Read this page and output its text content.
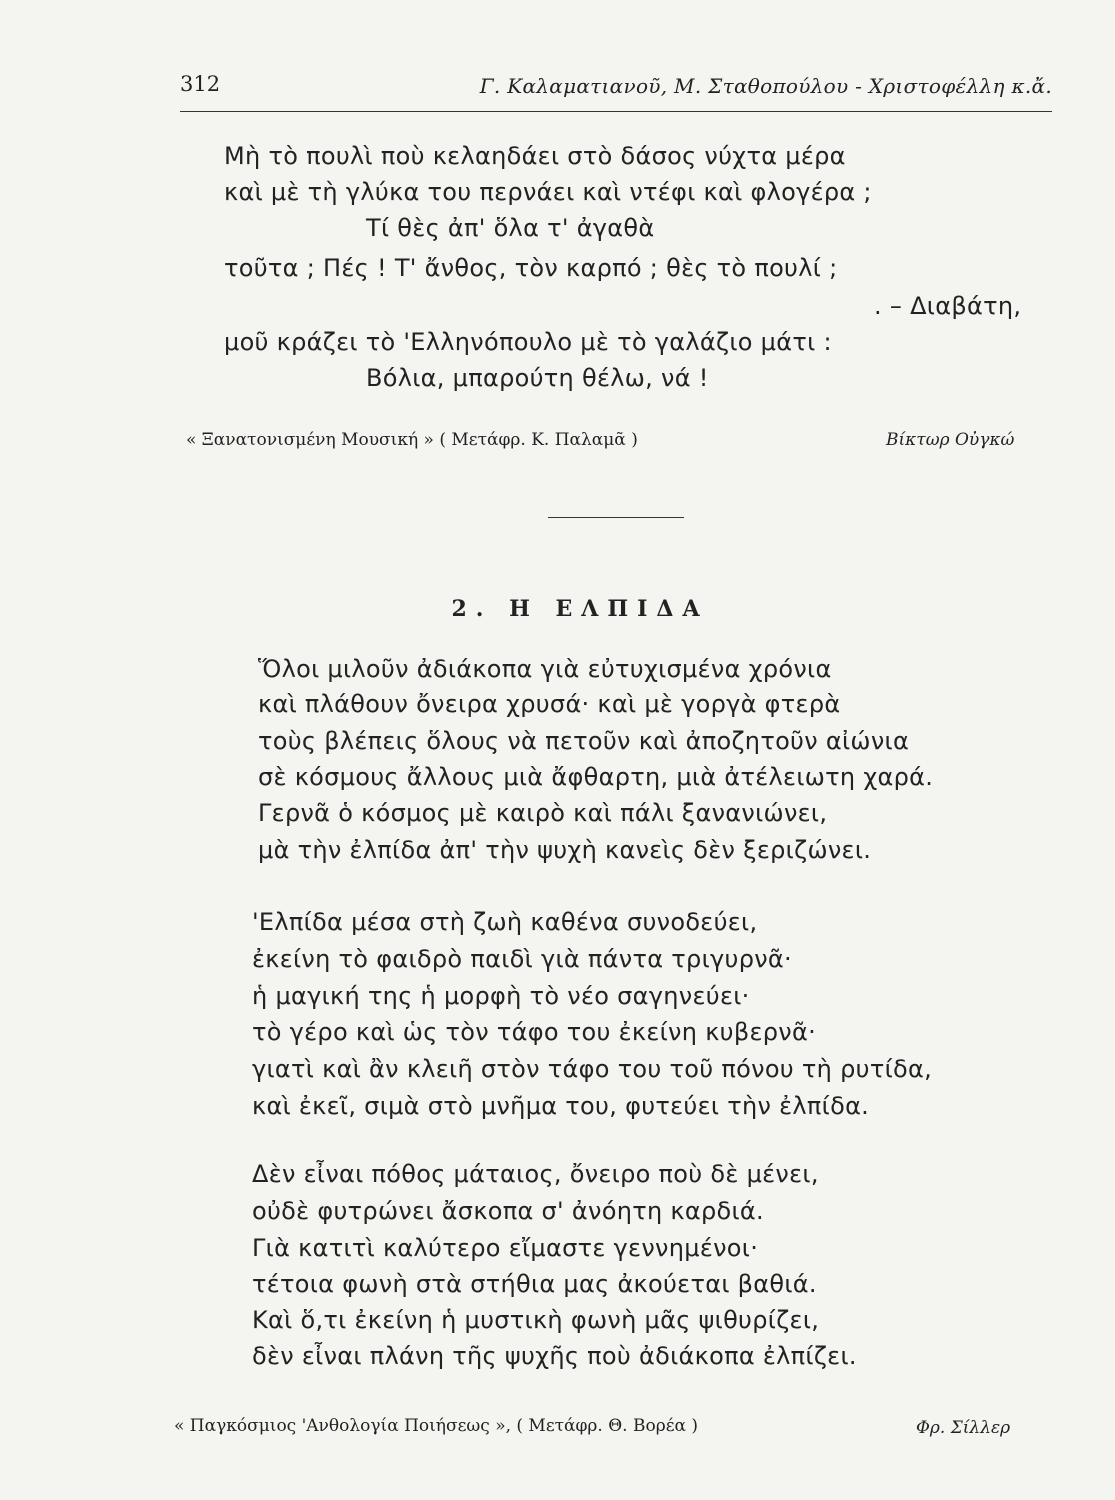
312	Γ. Καλαματιανοῦ, Μ. Σταθοπούλου - Χριστοφέλλη κ.ἄ.
Μὴ τὸ πουλὶ ποὺ κελαηδάει στὸ δάσος νύχτα μέρα
καὶ μὲ τὴ γλύκα του περνάει καὶ ντέφι καὶ φλογέρα ;
Τί θὲς ἀπ' ὅλα τ' ἀγαθὰ
τοῦτα ; Πές ! Τ' ἄνθος, τὸν καρπό ; θὲς τὸ πουλί ;
. – Διαβάτη,
μοῦ κράζει τὸ 'Ελληνόπουλο μὲ τὸ γαλάζιο μάτι :
Βόλια, μπαρούτη θέλω, νά !
« Ξανατονισμένη Μουσική » ( Μετάφρ. Κ. Παλαμᾶ )	Βίκτωρ Οὐγκώ
2. Η ΕΛΠΙΔΑ
Ὅλοι μιλοῦν ἀδιάκοπα γιὰ εὐτυχισμένα χρόνια
καὶ πλάθουν ὄνειρα χρυσά· καὶ μὲ γοργὰ φτερὰ
τοὺς βλέπεις ὅλους νὰ πετοῦν καὶ ἀποζητοῦν αἰώνια
σὲ κόσμους ἄλλους μιὰ ἄφθαρτη, μιὰ ἀτέλειωτη χαρά.
Γερνᾶ ὁ κόσμος μὲ καιρὸ καὶ πάλι ξανανιώνει,
μὰ τὴν ἐλπίδα ἀπ' τὴν ψυχὴ κανεὶς δὲν ξεριζώνει.
'Ελπίδα μέσα στὴ ζωὴ καθένα συνοδεύει,
ἐκείνη τὸ φαιδρὸ παιδὶ γιὰ πάντα τριγυρνᾶ·
ἡ μαγική της ἡ μορφὴ τὸ νέο σαγηνεύει·
τὸ γέρο καὶ ὡς τὸν τάφο του ἐκείνη κυβερνᾶ·
γιατὶ καὶ ἂν κλειῆ στὸν τάφο του τοῦ πόνου τὴ ρυτίδα,
καὶ ἐκεῖ, σιμὰ στὸ μνῆμα του, φυτεύει τὴν ἐλπίδα.
Δὲν εἶναι πόθος μάταιος, ὄνειρο ποὺ δὲ μένει,
οὐδὲ φυτρώνει ἄσκοπα σ' ἀνόητη καρδιά.
Γιὰ κατιτὶ καλύτερο εἴμαστε γεννημένοι·
τέτοια φωνὴ στὰ στήθια μας ἀκούεται βαθιά.
Καὶ ὅ,τι ἐκείνη ἡ μυστικὴ φωνὴ μᾶς ψιθυρίζει,
δὲν εἶναι πλάνη τῆς ψυχῆς ποὺ ἀδιάκοπα ἐλπίζει.
« Παγκόσμιος 'Ανθολογία Ποιήσεως », ( Μετάφρ. Θ. Βορέα )	Φρ. Σίλλερ
